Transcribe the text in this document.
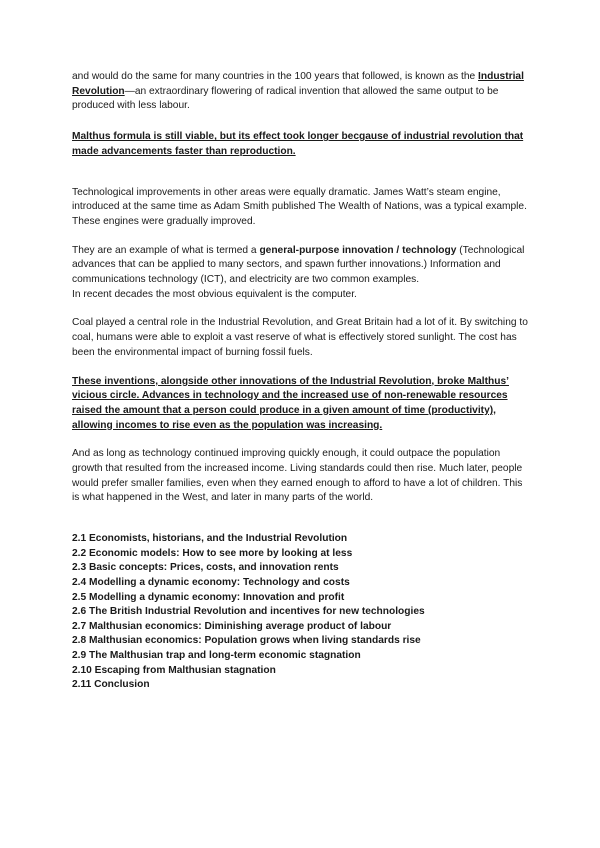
and would do the same for many countries in the 100 years that followed, is known as the Industrial Revolution—an extraordinary flowering of radical invention that allowed the same output to be produced with less labour.

Malthus formula is still viable, but its effect took longer becgause of industrial revolution that made advancements faster than reproduction.

Technological improvements in other areas were equally dramatic. James Watt’s steam engine, introduced at the same time as Adam Smith published The Wealth of Nations, was a typical example. These engines were gradually improved.

They are an example of what is termed a general-purpose innovation / technology (Technological advances that can be applied to many sectors, and spawn further innovations.) Information and communications technology (ICT), and electricity are two common examples.

In recent decades the most obvious equivalent is the computer.

Coal played a central role in the Industrial Revolution, and Great Britain had a lot of it. By switching to coal, humans were able to exploit a vast reserve of what is effectively stored sunlight. The cost has been the environmental impact of burning fossil fuels.

These inventions, alongside other innovations of the Industrial Revolution, broke Malthus’ vicious circle. Advances in technology and the increased use of non-renewable resources raised the amount that a person could produce in a given amount of time (productivity), allowing incomes to rise even as the population was increasing.

And as long as technology continued improving quickly enough, it could outpace the population growth that resulted from the increased income. Living standards could then rise. Much later, people would prefer smaller families, even when they earned enough to afford to have a lot of children. This is what happened in the West, and later in many parts of the world.

2.1 Economists, historians, and the Industrial Revolution

2.2 Economic models: How to see more by looking at less

2.3 Basic concepts: Prices, costs, and innovation rents

2.4 Modelling a dynamic economy: Technology and costs

2.5 Modelling a dynamic economy: Innovation and profit

2.6 The British Industrial Revolution and incentives for new technologies

2.7 Malthusian economics: Diminishing average product of labour

2.8 Malthusian economics: Population grows when living standards rise

2.9 The Malthusian trap and long-term economic stagnation

2.10 Escaping from Malthusian stagnation

2.11 Conclusion
